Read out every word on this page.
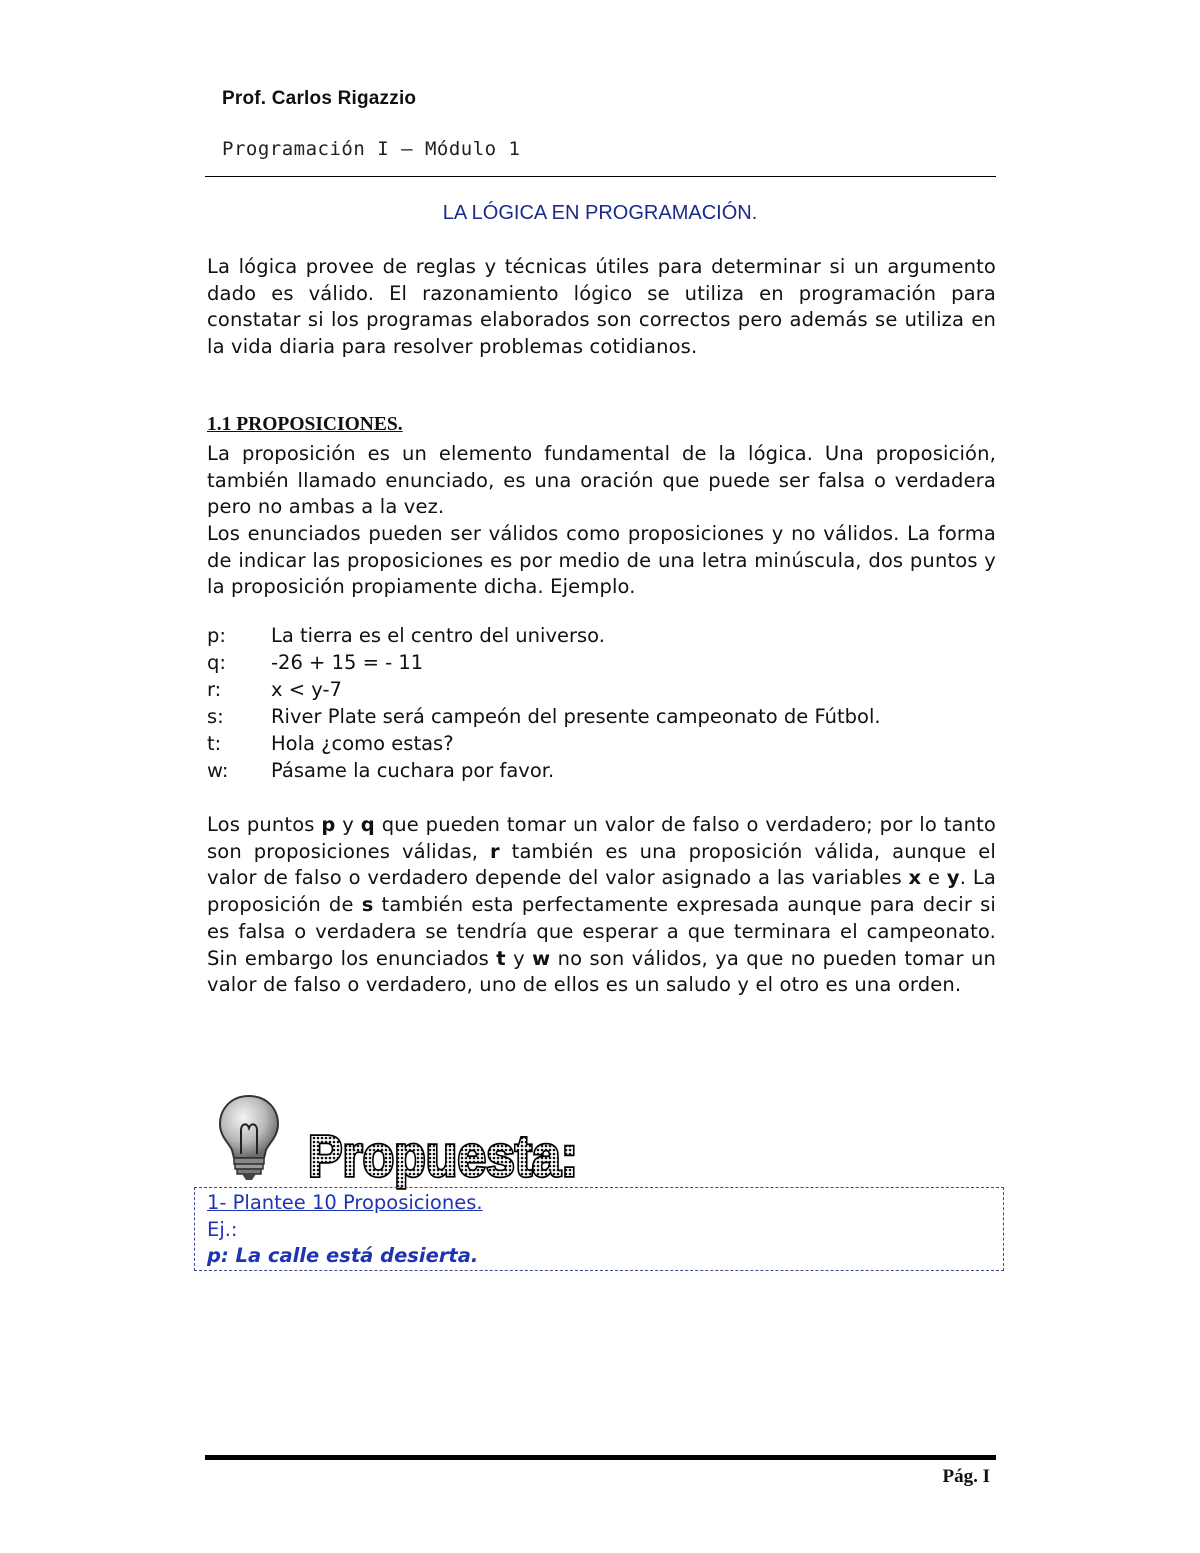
Prof. Carlos Rigazzio
Programación I – Módulo 1
LA LÓGICA EN PROGRAMACIÓN.

La lógica provee de reglas y técnicas útiles para determinar si un argumento dado es válido. El razonamiento lógico se utiliza en programación para constatar si los programas elaborados son correctos pero además se utiliza en la vida diaria para resolver problemas cotidianos.

1.1 PROPOSICIONES.

La proposición es un elemento fundamental de la lógica. Una proposición, también llamado enunciado, es una oración que puede ser falsa o verdadera pero no ambas a la vez.

Los enunciados pueden ser válidos como proposiciones y no válidos. La forma de indicar las proposiciones es por medio de una letra minúscula, dos puntos y la proposición propiamente dicha. Ejemplo.

p:	La tierra es el centro del universo.
q:	-26 + 15 = - 11
r:	x < y-7
s:	River Plate será campeón del presente campeonato de Fútbol.
t:	Hola ¿como estas?
w:	Pásame la cuchara por favor.

Los puntos p y q que pueden tomar un valor de falso o verdadero; por lo tanto son proposiciones válidas, r también es una proposición válida, aunque el valor de falso o verdadero depende del valor asignado a las variables x e y. La proposición de s también esta perfectamente expresada aunque para decir si es falsa o verdadera se tendría que esperar a que terminara el campeonato. Sin embargo los enunciados t y w no son válidos, ya que no pueden tomar un valor de falso o verdadero, uno de ellos es un saludo y el otro es una orden.

Propuesta:
1- Plantee 10 Proposiciones.
Ej.:
p: La calle está desierta.
Pág. I
